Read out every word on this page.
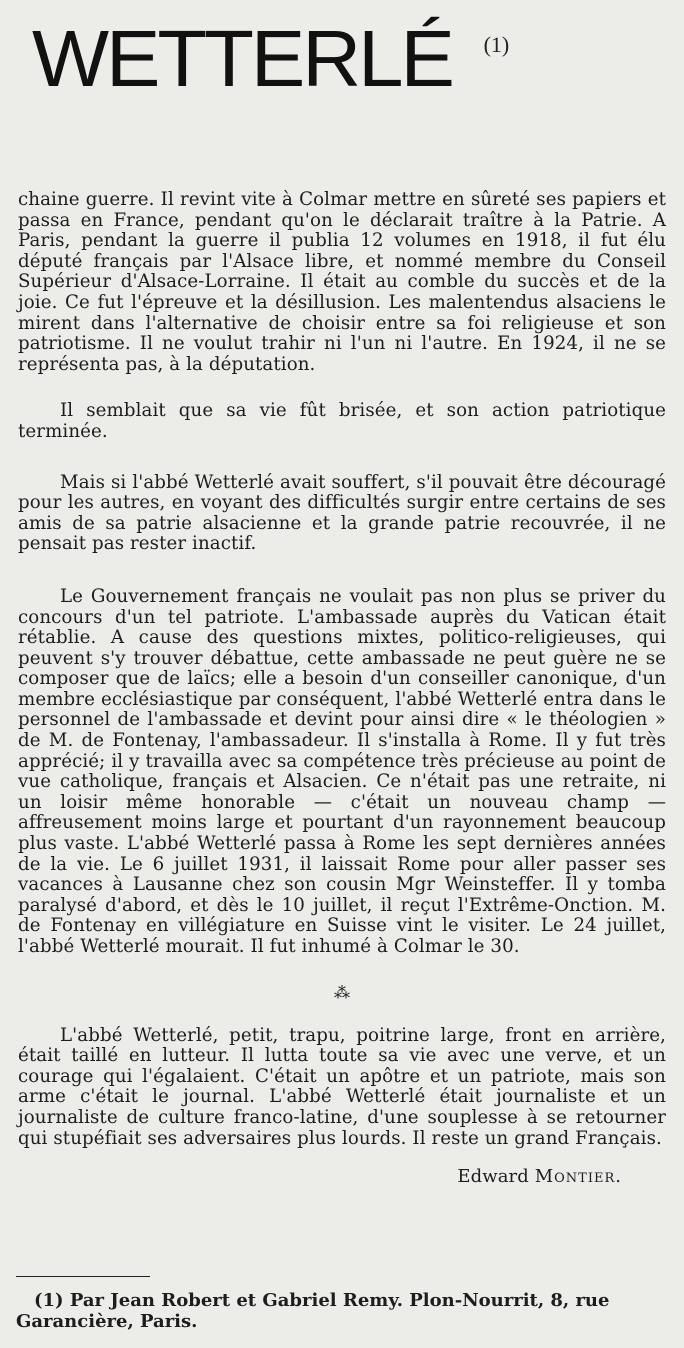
WETTERLÉ (1)

chaine guerre. Il revint vite à Colmar mettre en sûreté ses papiers et passa en France, pendant qu'on le déclarait traître à la Patrie. A Paris, pendant la guerre il publia 12 volumes en 1918, il fut élu député français par l'Alsace libre, et nommé membre du Conseil Supérieur d'Alsace-Lorraine. Il était au comble du succès et de la joie. Ce fut l'épreuve et la désillusion. Les malentendus alsaciens le mirent dans l'alternative de choisir entre sa foi religieuse et son patriotisme. Il ne voulut trahir ni l'un ni l'autre. En 1924, il ne se représenta pas, à la députation.

Il semblait que sa vie fût brisée, et son action patriotique terminée.

Mais si l'abbé Wetterlé avait souffert, s'il pouvait être découragé pour les autres, en voyant des difficultés surgir entre certains de ses amis de sa patrie alsacienne et la grande patrie recouvrée, il ne pensait pas rester inactif.

Le Gouvernement français ne voulait pas non plus se priver du concours d'un tel patriote. L'ambassade auprès du Vatican était rétablie. A cause des questions mixtes, politico-religieuses, qui peuvent s'y trouver débattue, cette ambassade ne peut guère ne se composer que de laïcs; elle a besoin d'un conseiller canonique, d'un membre ecclésiastique par conséquent, l'abbé Wetterlé entra dans le personnel de l'ambassade et devint pour ainsi dire « le théologien » de M. de Fontenay, l'ambassadeur. Il s'installa à Rome. Il y fut très apprécié; il y travailla avec sa compétence très précieuse au point de vue catholique, français et Alsacien. Ce n'était pas une retraite, ni un loisir même honorable — c'était un nouveau champ — affreusement moins large et pourtant d'un rayonnement beaucoup plus vaste. L'abbé Wetterlé passa à Rome les sept dernières années de la vie. Le 6 juillet 1931, il laissait Rome pour aller passer ses vacances à Lausanne chez son cousin Mgr Weinsteffer. Il y tomba paralysé d'abord, et dès le 10 juillet, il reçut l'Extrême-Onction. M. de Fontenay en villégiature en Suisse vint le visiter. Le 24 juillet, l'abbé Wetterlé mourait. Il fut inhumé à Colmar le 30.

⁂

L'abbé Wetterlé, petit, trapu, poitrine large, front en arrière, était taillé en lutteur. Il lutta toute sa vie avec une verve, et un courage qui l'égalaient. C'était un apôtre et un patriote, mais son arme c'était le journal. L'abbé Wetterlé était journaliste et un journaliste de culture franco-latine, d'une souplesse à se retourner qui stupéfiait ses adversaires plus lourds. Il reste un grand Français.

Edward Montier.

(1) Par Jean Robert et Gabriel Remy. Plon-Nourrit, 8, rue Garancière, Paris.
